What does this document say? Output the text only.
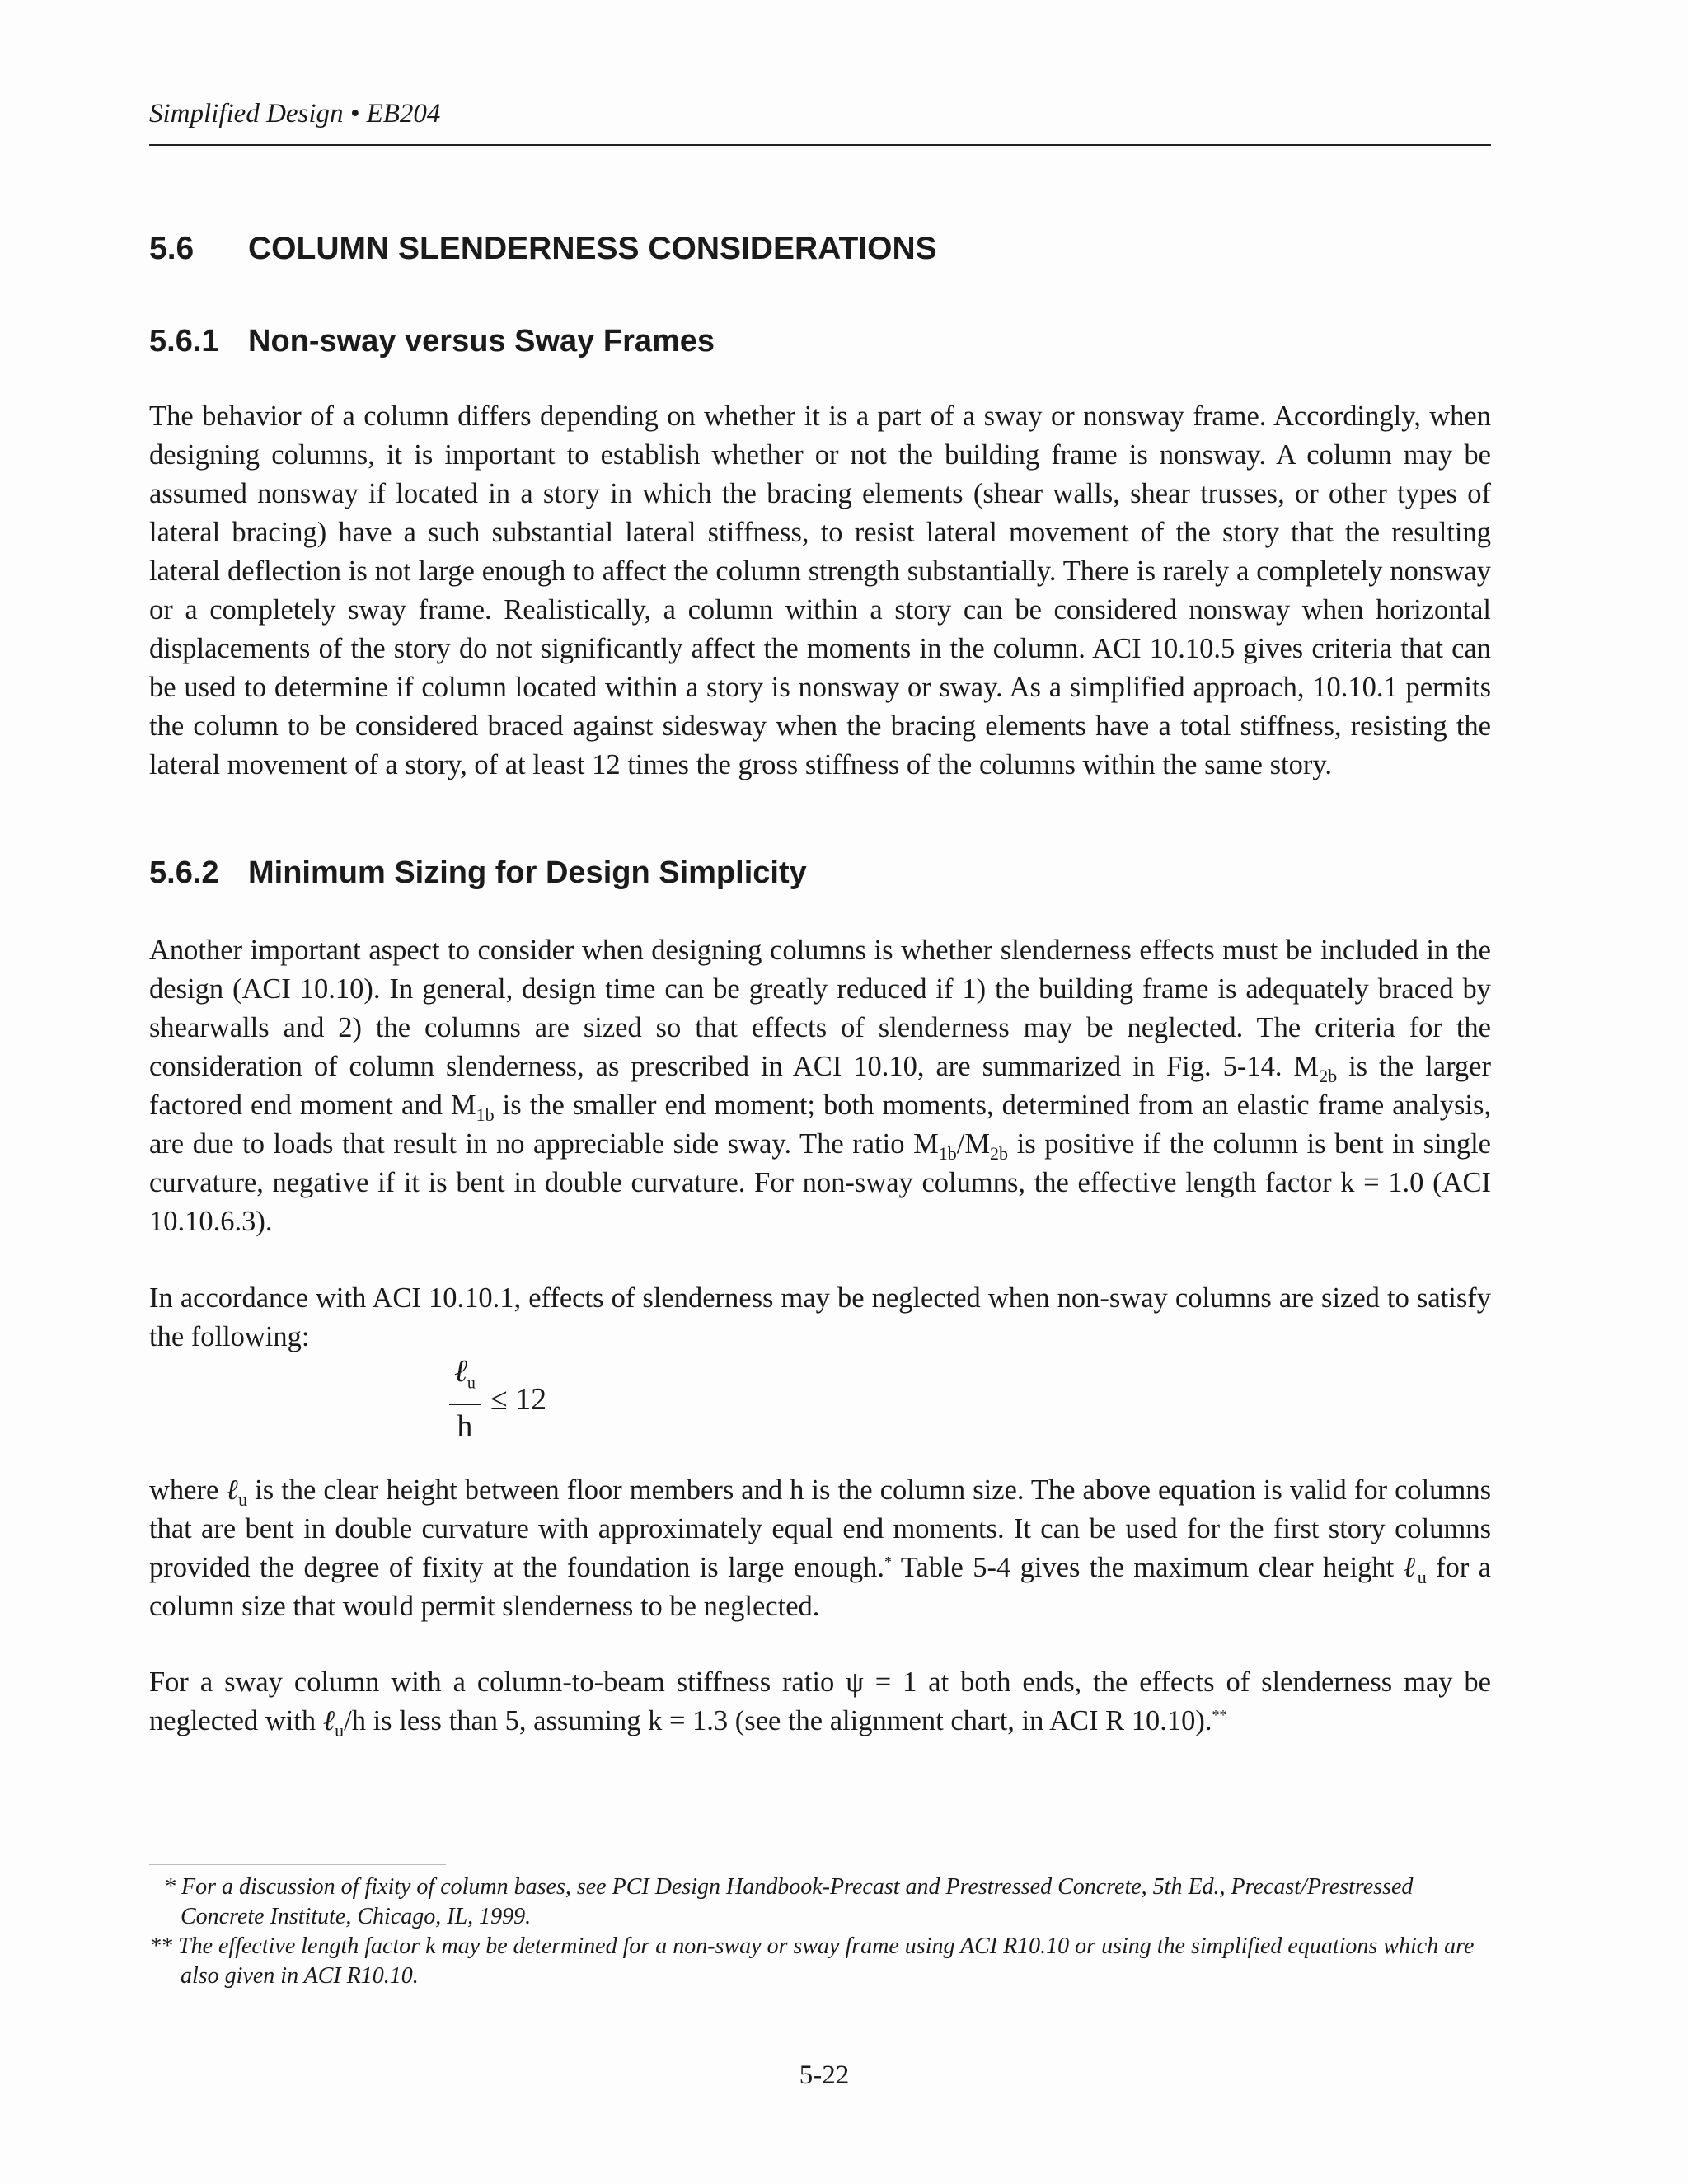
Simplified Design • EB204
5.6 COLUMN SLENDERNESS CONSIDERATIONS
5.6.1 Non-sway versus Sway Frames

The behavior of a column differs depending on whether it is a part of a sway or nonsway frame. Accordingly, when designing columns, it is important to establish whether or not the building frame is nonsway. A column may be assumed nonsway if located in a story in which the bracing elements (shear walls, shear trusses, or other types of lateral bracing) have a such substantial lateral stiffness, to resist lateral movement of the story that the resulting lateral deflection is not large enough to affect the column strength substantially. There is rarely a completely nonsway or a completely sway frame. Realistically, a column within a story can be considered nonsway when horizontal displacements of the story do not significantly affect the moments in the column. ACI 10.10.5 gives criteria that can be used to determine if column located within a story is nonsway or sway. As a simplified approach, 10.10.1 permits the column to be considered braced against sidesway when the bracing elements have a total stiffness, resisting the lateral movement of a story, of at least 12 times the gross stiffness of the columns within the same story.

5.6.2 Minimum Sizing for Design Simplicity

Another important aspect to consider when designing columns is whether slenderness effects must be included in the design (ACI 10.10). In general, design time can be greatly reduced if 1) the building frame is adequately braced by shearwalls and 2) the columns are sized so that effects of slenderness may be neglected. The criteria for the consideration of column slenderness, as prescribed in ACI 10.10, are summarized in Fig. 5-14. $M_{2b}$ is the larger factored end moment and $M_{1b}$ is the smaller end moment; both moments, determined from an elastic frame analysis, are due to loads that result in no appreciable side sway. The ratio $M_{1b}/M_{2b}$ is positive if the column is bent in single curvature, negative if it is bent in double curvature. For non-sway columns, the effective length factor k = 1.0 (ACI 10.10.6.3).

In accordance with ACI 10.10.1, effects of slenderness may be neglected when non-sway columns are sized to satisfy the following:

$\frac{\ell_u}{h} \le 12$

where ℓ$_u$ is the clear height between floor members and h is the column size. The above equation is valid for columns that are bent in double curvature with approximately equal end moments. It can be used for the first story columns provided the degree of fixity at the foundation is large enough.* Table 5-4 gives the maximum clear height ℓ$_u$ for a column size that would permit slenderness to be neglected.

For a sway column with a column-to-beam stiffness ratio ψ = 1 at both ends, the effects of slenderness may be neglected with ℓ$_u$/h is less than 5, assuming k = 1.3 (see the alignment chart, in ACI R 10.10).**

* For a discussion of fixity of column bases, see PCI Design Handbook-Precast and Prestressed Concrete, 5th Ed., Precast/Prestressed Concrete Institute, Chicago, IL, 1999.

** The effective length factor k may be determined for a non-sway or sway frame using ACI R10.10 or using the simplified equations which are also given in ACI R10.10.

5-22
